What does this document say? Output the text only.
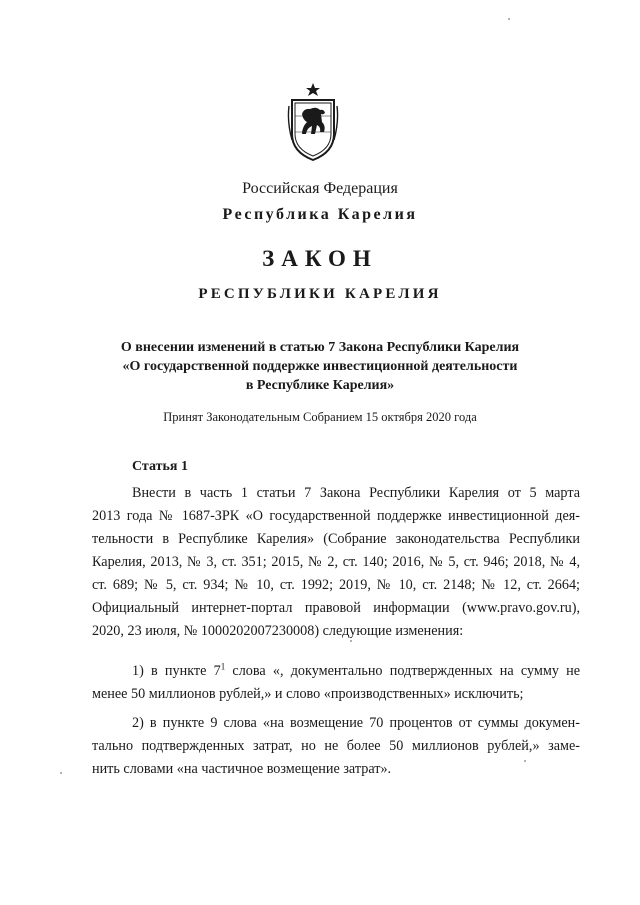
Российская Федерация
Республика Карелия
ЗАКОН
РЕСПУБЛИКИ КАРЕЛИЯ
О внесении изменений в статью 7 Закона Республики Карелия
«О государственной поддержке инвестиционной деятельности
в Республике Карелия»
Принят Законодательным Собранием 15 октября 2020 года
Статья 1
Внести в часть 1 статьи 7 Закона Республики Карелия от 5 марта
2013 года № 1687-ЗРК «О государственной поддержке инвестиционной дея-
тельности в Республике Карелия» (Собрание законодательства Республики
Карелия, 2013, № 3, ст. 351; 2015, № 2, ст. 140; 2016, № 5, ст. 946; 2018, № 4,
ст. 689; № 5, ст. 934; № 10, ст. 1992; 2019, № 10, ст. 2148; № 12, ст. 2664;
Официальный интернет-портал правовой информации (www.pravo.gov.ru),
2020, 23 июля, № 1000202007230008) следующие изменения:
1) в пункте $7^1$ слова «, документально подтвержденных на сумму не
менее 50 миллионов рублей,» и слово «производственных» исключить;
2) в пункте 9 слова «на возмещение 70 процентов от суммы докумен-
тально подтвержденных затрат, но не более 50 миллионов рублей,» заме-
нить словами «на частичное возмещение затрат».
